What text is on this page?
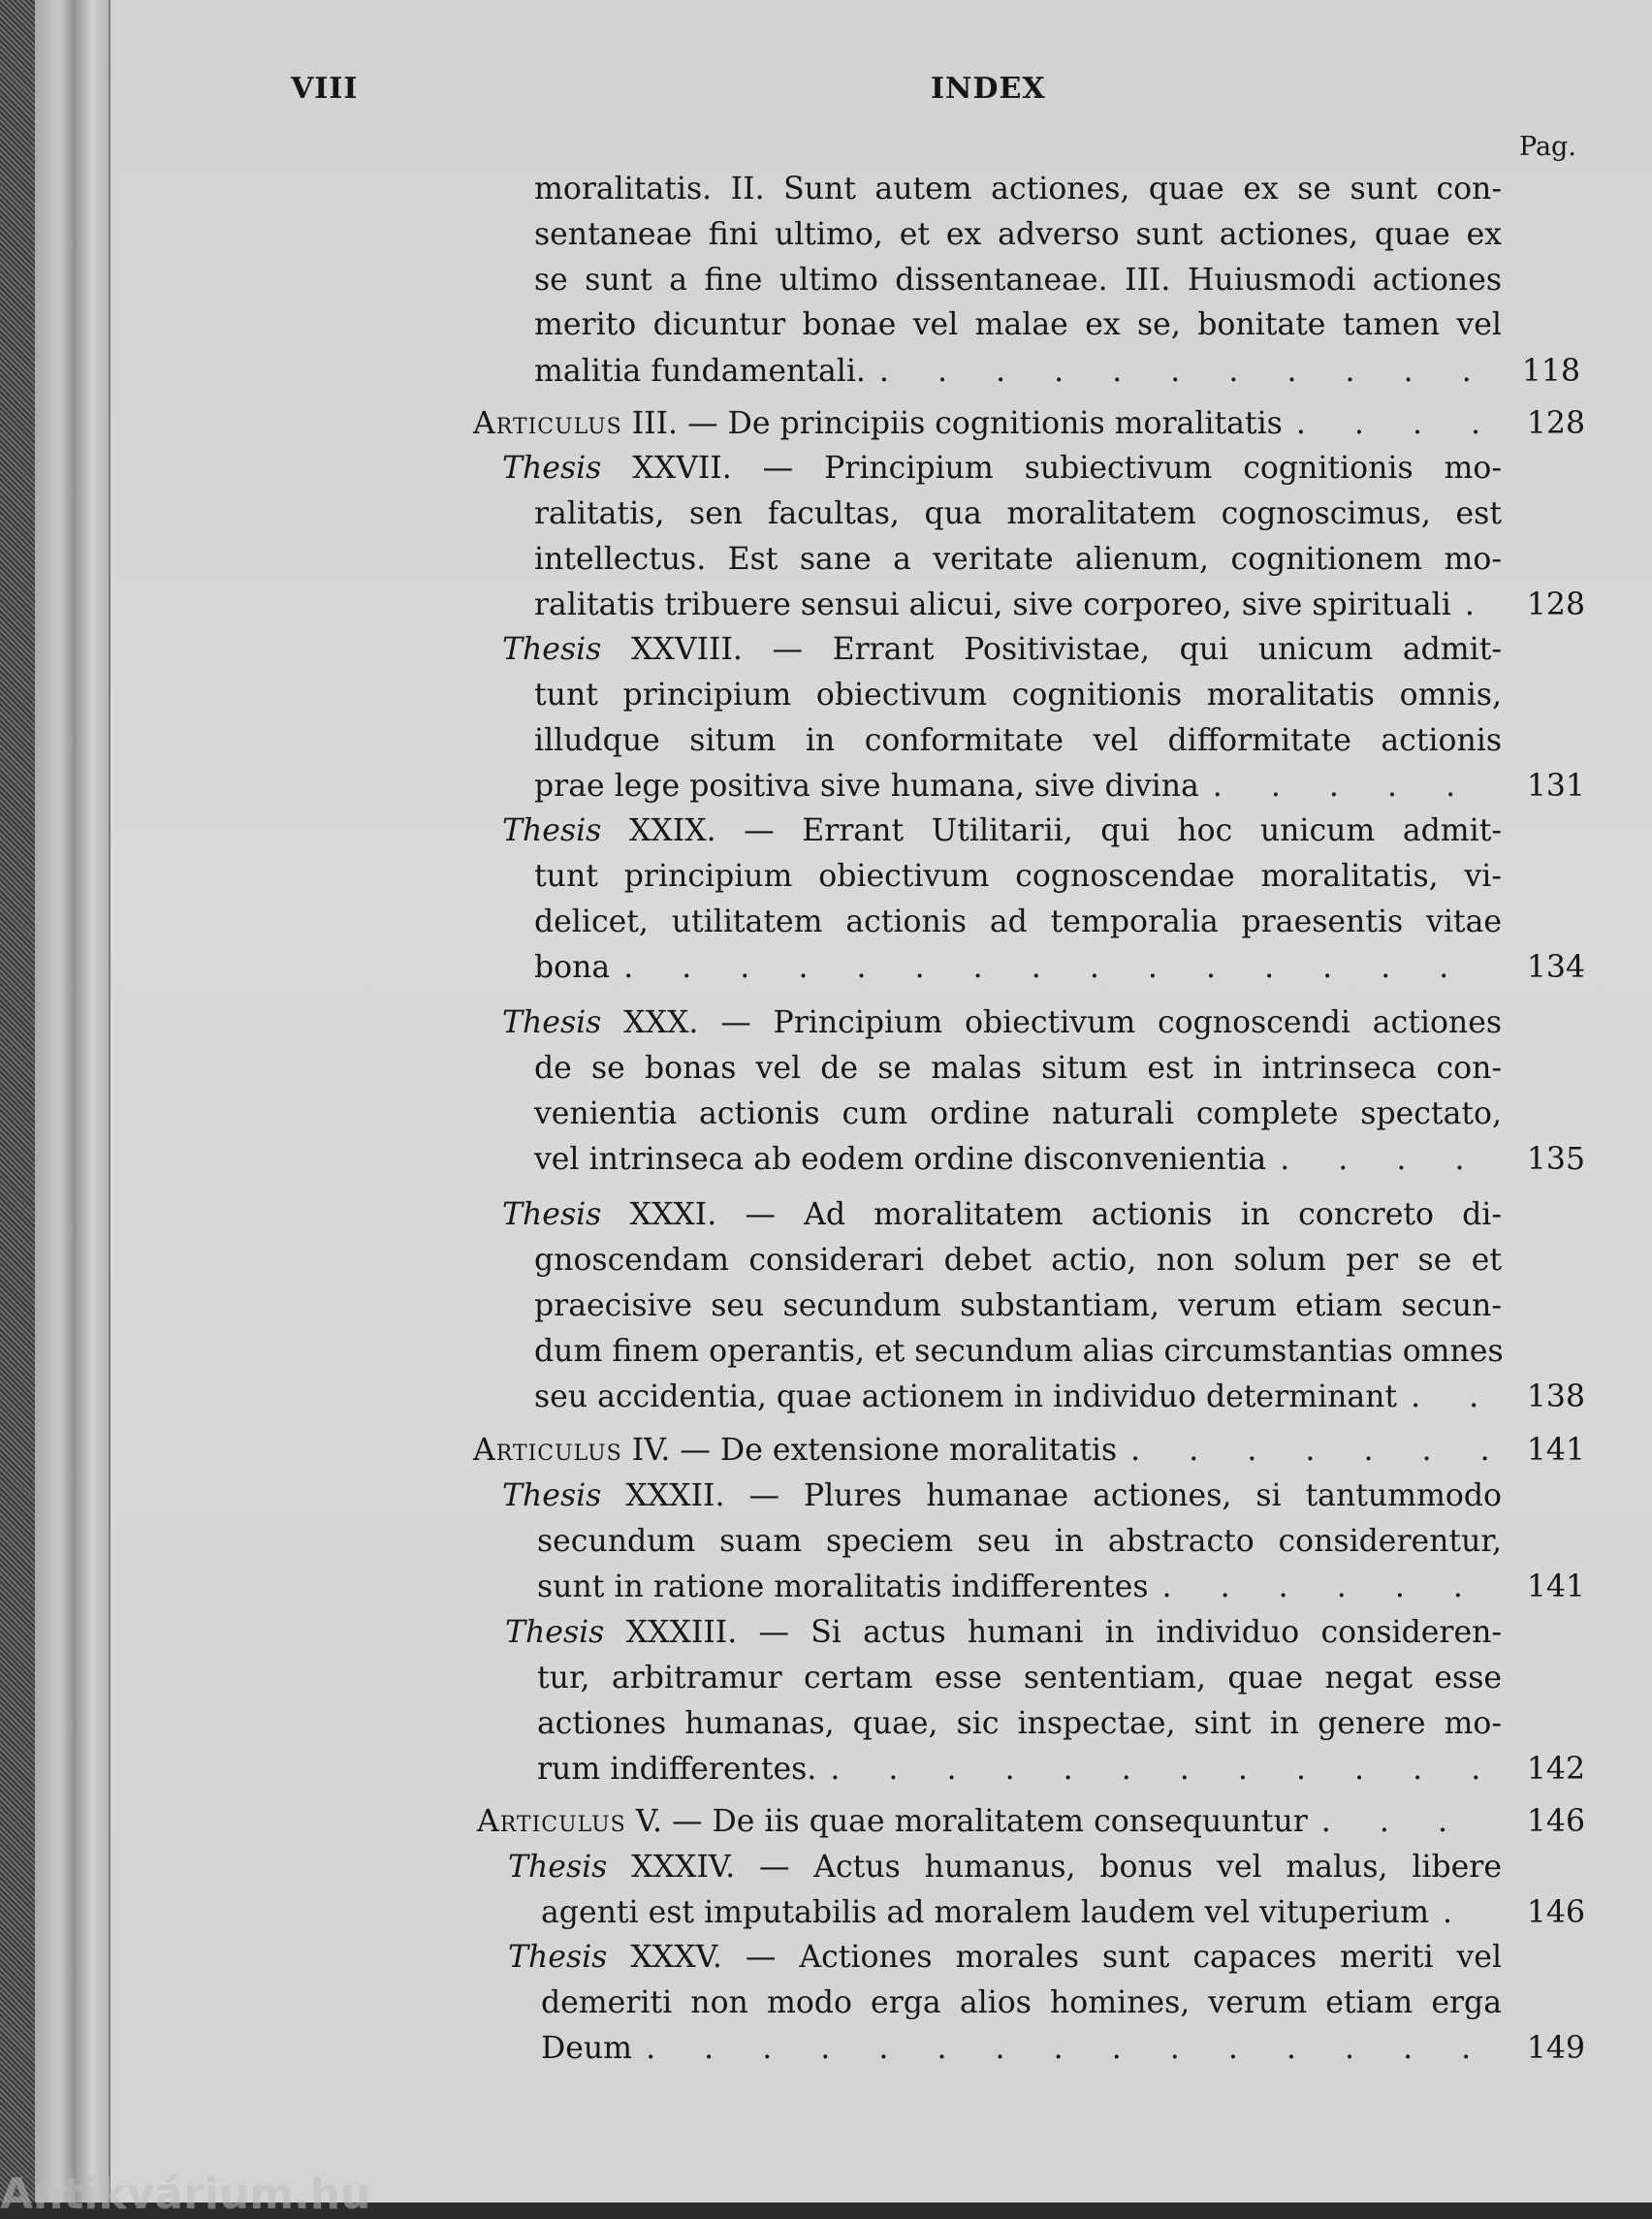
VIII	INDEX
Pag.
moralitatis. II. Sunt autem actiones, quae ex se sunt con-
sentaneae fini ultimo, et ex adverso sunt actiones, quae ex
se sunt a fine ultimo dissentaneae. III. Huiusmodi actiones
merito dicuntur bonae vel malae ex se, bonitate tamen vel
malitia fundamentali. .	118
Articulus III. — De principiis cognitionis moralitatis .	128
Thesis XXVII. — Principium subiectivum cognitionis mo-
ralitatis, sen facultas, qua moralitatem cognoscimus, est
intellectus. Est sane a veritate alienum, cognitionem mo-
ralitatis tribuere sensui alicui, sive corporeo, sive spirituali .	128
Thesis XXVIII. — Errant Positivistae, qui unicum admit-
tunt principium obiectivum cognitionis moralitatis omnis,
illudque situm in conformitate vel difformitate actionis
prae lege positiva sive humana, sive divina .	131
Thesis XXIX. — Errant Utilitarii, qui hoc unicum admit-
tunt principium obiectivum cognoscendae moralitatis, vi-
delicet, utilitatem actionis ad temporalia praesentis vitae
bona .	134
Thesis XXX. — Principium obiectivum cognoscendi actiones
de se bonas vel de se malas situm est in intrinseca con-
venientia actionis cum ordine naturali complete spectato,
vel intrinseca ab eodem ordine disconvenientia .	135
Thesis XXXI. — Ad moralitatem actionis in concreto di-
gnoscendam considerari debet actio, non solum per se et
praecisive seu secundum substantiam, verum etiam secun-
dum finem operantis, et secundum alias circumstantias omnes
seu accidentia, quae actionem in individuo determinant .	138
Articulus IV. — De extensione moralitatis .	141
Thesis XXXII. — Plures humanae actiones, si tantummodo
secundum suam speciem seu in abstracto considerentur,
sunt in ratione moralitatis indifferentes .	141
Thesis XXXIII. — Si actus humani in individuo consideren-
tur, arbitramur certam esse sententiam, quae negat esse
actiones humanas, quae, sic inspectae, sint in genere mo-
rum indifferentes. .	142
Articulus V. — De iis quae moralitatem consequuntur .	146
Thesis XXXIV. — Actus humanus, bonus vel malus, libere
agenti est imputabilis ad moralem laudem vel vituperium .	146
Thesis XXXV. — Actiones morales sunt capaces meriti vel
demeriti non modo erga alios homines, verum etiam erga
Deum .	149
Antikvárium.hu
